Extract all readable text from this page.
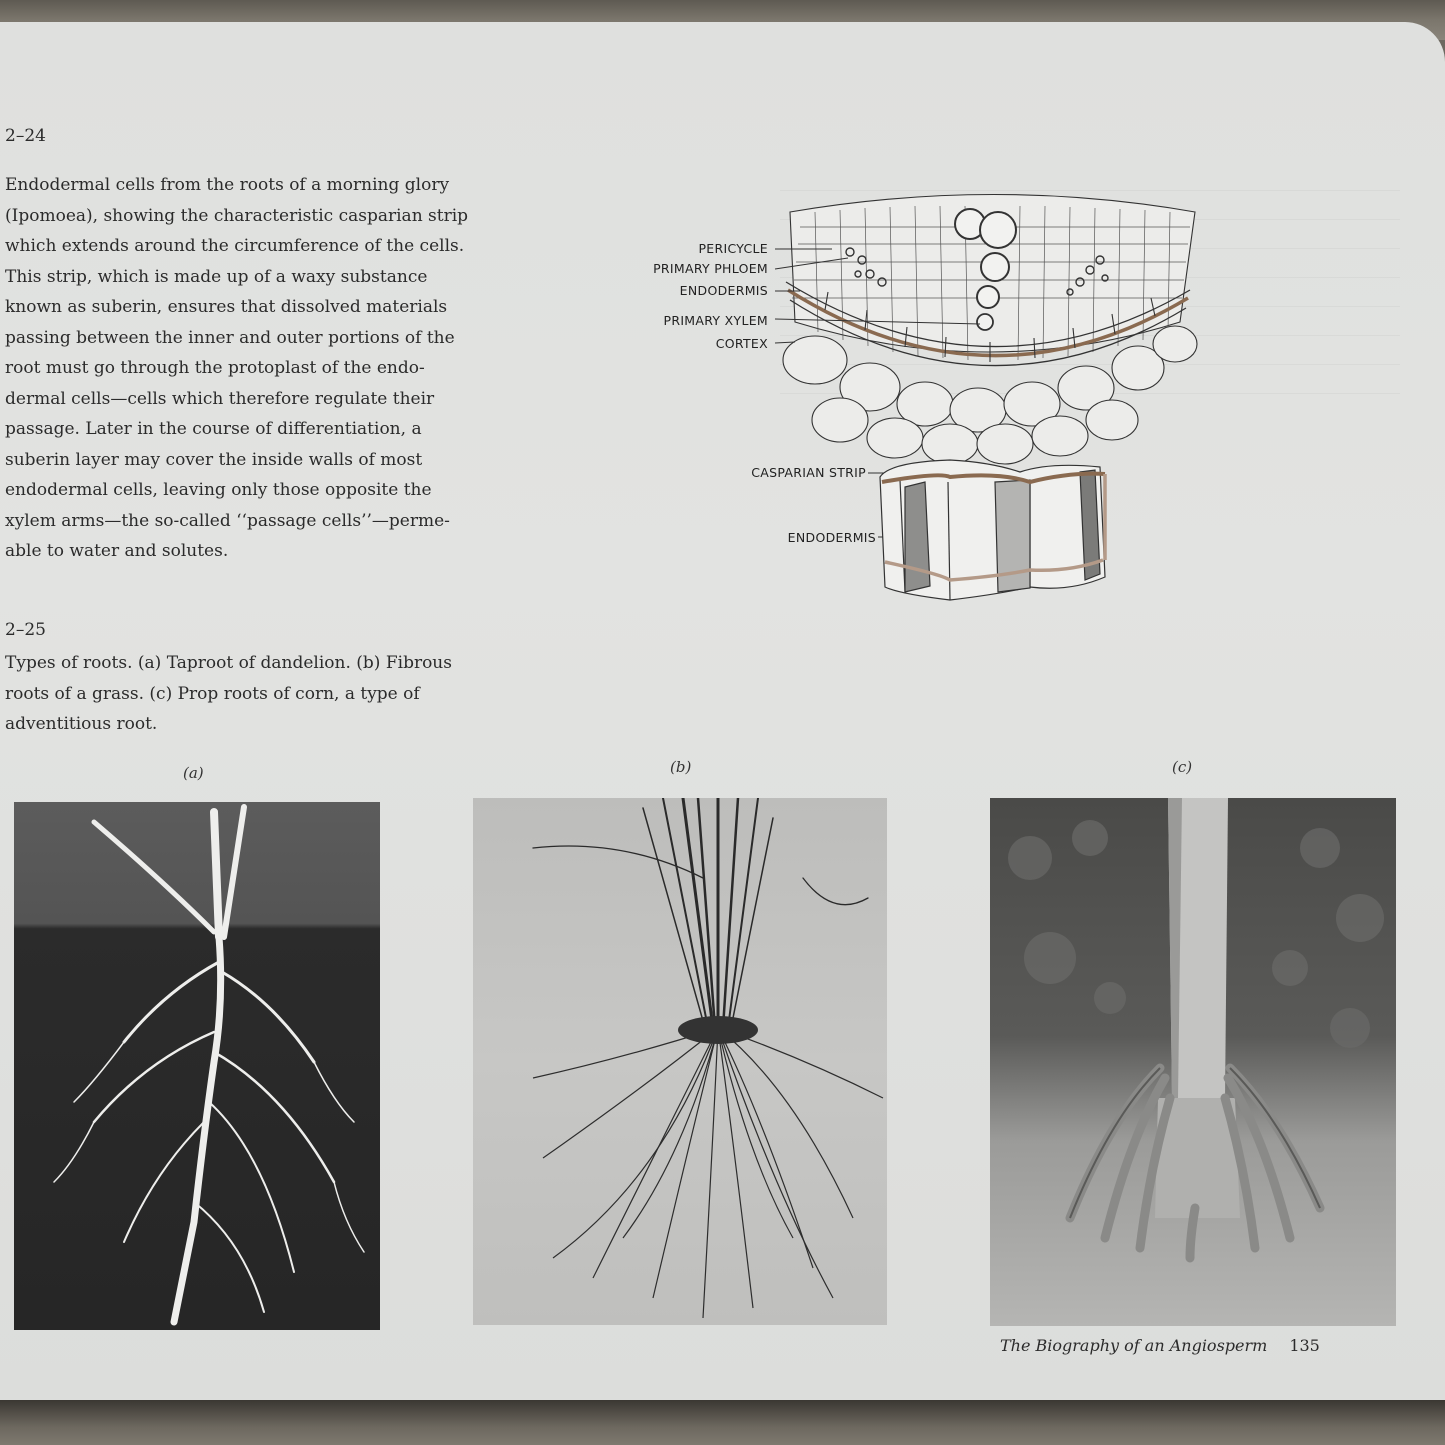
2–24

Endodermal cells from the roots of a morning glory

(Ipomoea), showing the characteristic casparian strip

which extends around the circumference of the cells.

This strip, which is made up of a waxy substance

known as suberin, ensures that dissolved materials

passing between the inner and outer portions of the

root must go through the protoplast of the endo-

dermal cells—cells which therefore regulate their

passage. Later in the course of differentiation, a

suberin layer may cover the inside walls of most

endodermal cells, leaving only those opposite the

xylem arms—the so-called ‘‘passage cells’’—perme-

able to water and solutes.

2–25

Types of roots. (a) Taproot of dandelion. (b) Fibrous

roots of a grass. (c) Prop roots of corn, a type of

adventitious root.

PERICYCLE
PRIMARY PHLOEM
ENDODERMIS
PRIMARY XYLEM
CORTEX
CASPARIAN STRIP
ENDODERMIS
(a)	(b)	(c)
The Biography of an Angiosperm 135
